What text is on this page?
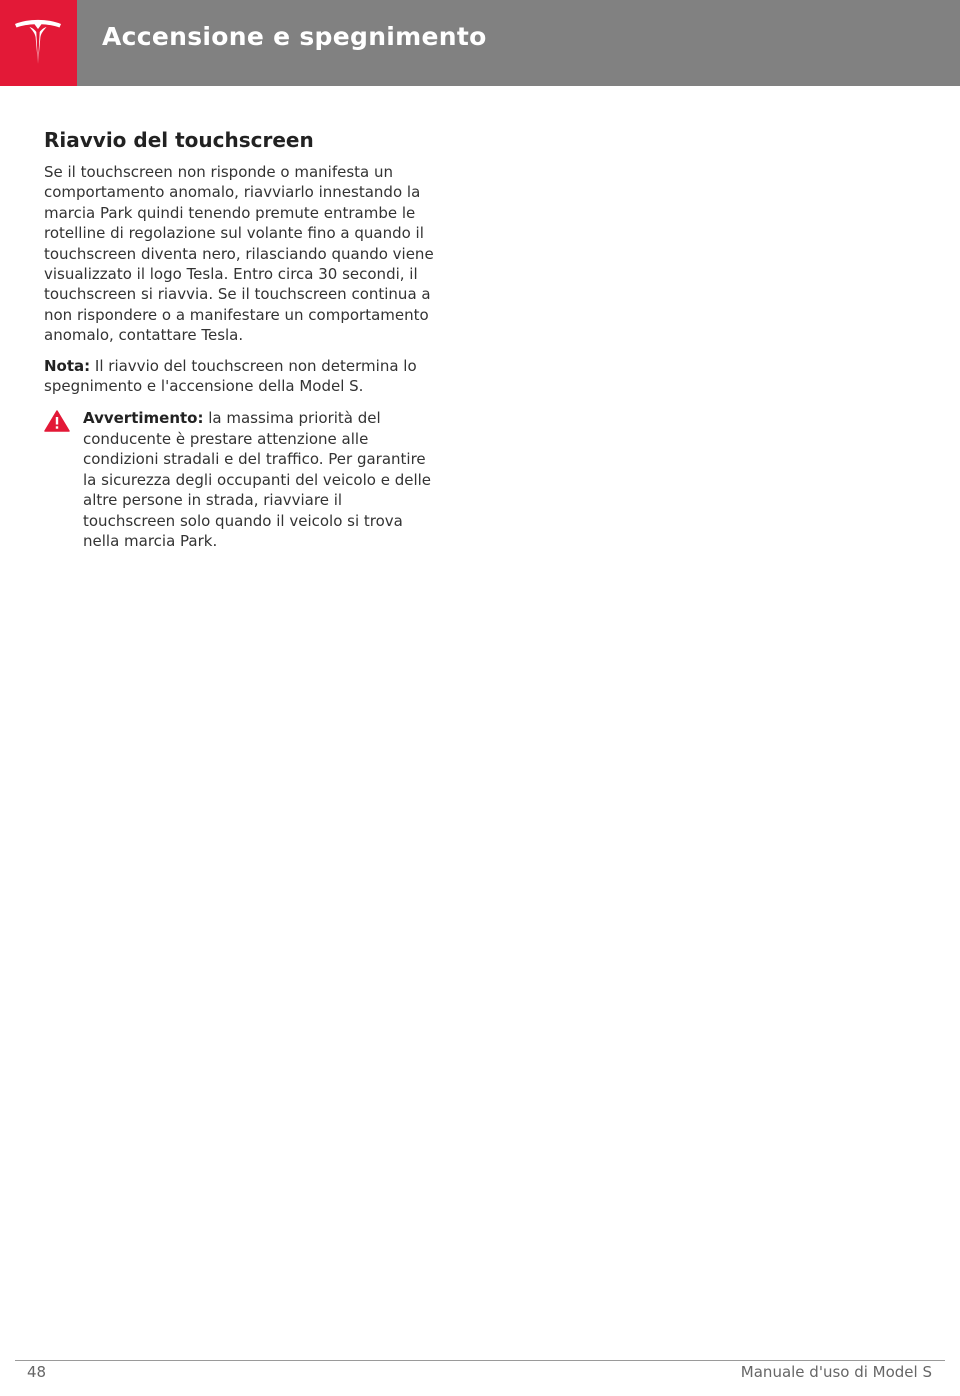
Accensione e spegnimento
Riavvio del touchscreen

Se il touchscreen non risponde o manifesta un comportamento anomalo, riavviarlo innestando la marcia Park quindi tenendo premute entrambe le rotelline di regolazione sul volante fino a quando il touchscreen diventa nero, rilasciando quando viene visualizzato il logo Tesla. Entro circa 30 secondi, il touchscreen si riavvia. Se il touchscreen continua a non rispondere o a manifestare un comportamento anomalo, contattare Tesla.

Nota: Il riavvio del touchscreen non determina lo spegnimento e l'accensione della Model S.

Avvertimento: la massima priorità del conducente è prestare attenzione alle condizioni stradali e del traffico. Per garantire la sicurezza degli occupanti del veicolo e delle altre persone in strada, riavviare il touchscreen solo quando il veicolo si trova nella marcia Park.

48	Manuale d'uso di Model S
